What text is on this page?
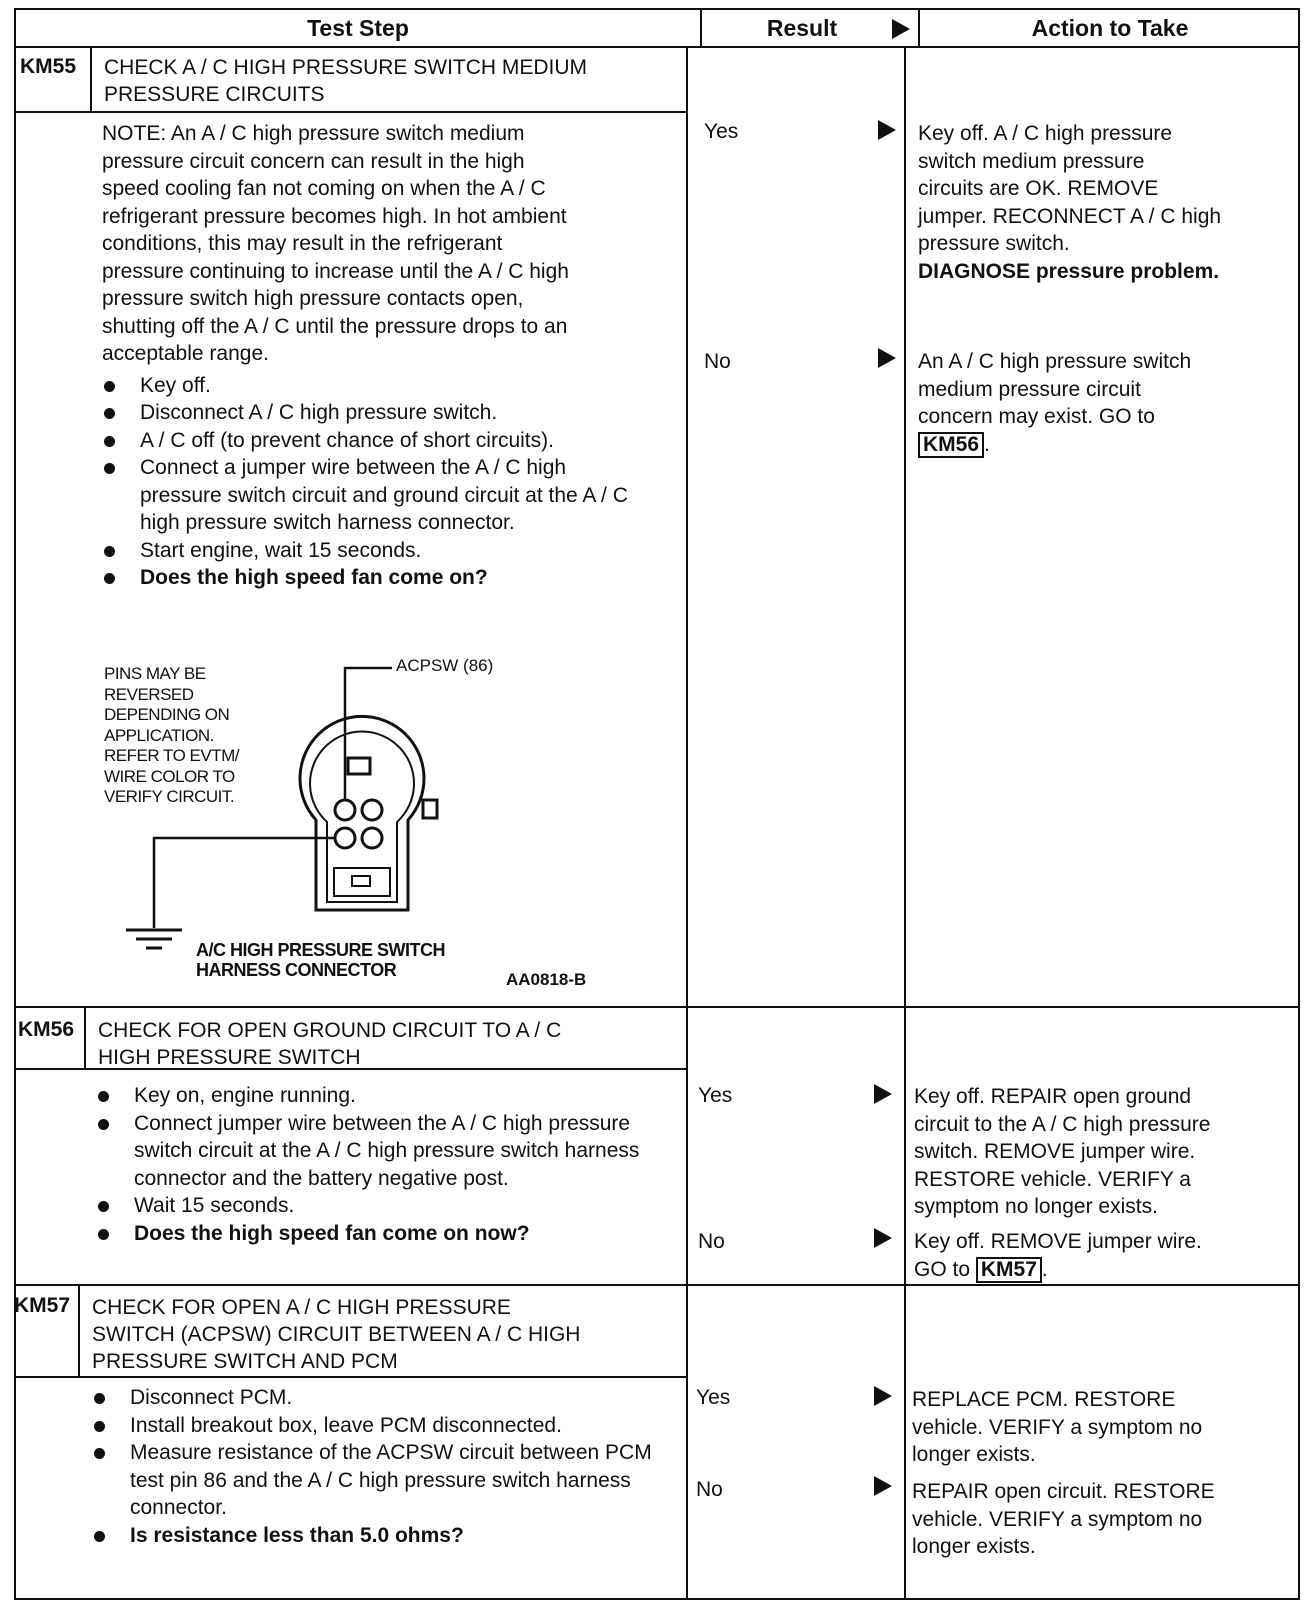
Test Step	Result	Action to Take
KM55 CHECK A / C HIGH PRESSURE SWITCH MEDIUM
PRESSURE CIRCUITS

NOTE: An A / C high pressure switch medium

pressure circuit concern can result in the high

speed cooling fan not coming on when the A / C

refrigerant pressure becomes high. In hot ambient

conditions, this may result in the refrigerant

pressure continuing to increase until the A / C high

pressure switch high pressure contacts open,

shutting off the A / C until the pressure drops to an

acceptable range.

Key off.
Disconnect A / C high pressure switch.
A / C off (to prevent chance of short circuits).
Connect a jumper wire between the A / C high pressure switch circuit and ground circuit at the A / C high pressure switch harness connector.
Start engine, wait 15 seconds.
Does the high speed fan come on?
PINS MAY BE
REVERSED
DEPENDING ON
APPLICATION.
REFER TO EVTM/
WIRE COLOR TO
VERIFY CIRCUIT.
ACPSW (86)
A/C HIGH PRESSURE SWITCH
HARNESS CONNECTOR	AA0818-B
Yes	Key off. A / C high pressure
switch medium pressure
circuits are OK. REMOVE
jumper. RECONNECT A / C high
pressure switch.
DIAGNOSE pressure problem.
No	An A / C high pressure switch
medium pressure circuit
concern may exist. GO to
KM56 .
KM56 CHECK FOR OPEN GROUND CIRCUIT TO A / C
HIGH PRESSURE SWITCH
Key on, engine running.
Connect jumper wire between the A / C high pressure switch circuit at the A / C high pressure switch harness connector and the battery negative post.
Wait 15 seconds.
Does the high speed fan come on now?
Yes	Key off. REPAIR open ground
circuit to the A / C high pressure
switch. REMOVE jumper wire.
RESTORE vehicle. VERIFY a
symptom no longer exists.
No	Key off. REMOVE jumper wire.
GO to KM57 .
KM57 CHECK FOR OPEN A / C HIGH PRESSURE
SWITCH (ACPSW) CIRCUIT BETWEEN A / C HIGH
PRESSURE SWITCH AND PCM
Disconnect PCM.
Install breakout box, leave PCM disconnected.
Measure resistance of the ACPSW circuit between PCM test pin 86 and the A / C high pressure switch harness connector.
Is resistance less than 5.0 ohms?
Yes	REPLACE PCM. RESTORE
vehicle. VERIFY a symptom no
longer exists.
No	REPAIR open circuit. RESTORE
vehicle. VERIFY a symptom no
longer exists.
